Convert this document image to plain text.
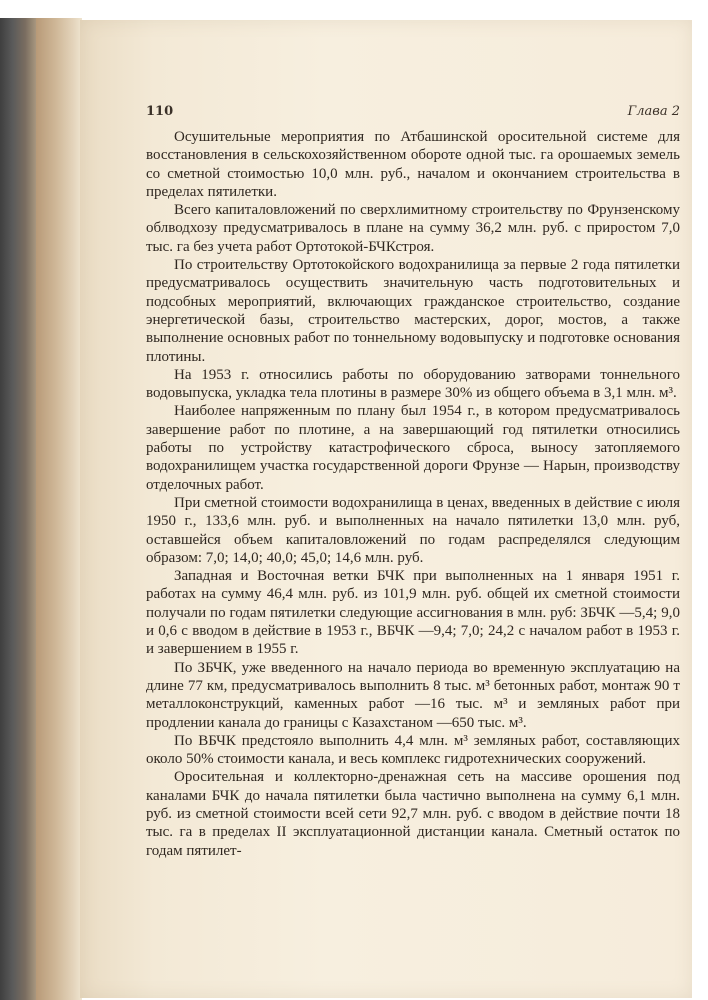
110	Глава 2

Осушительные мероприятия по Атбашинской оросительной системе для восстановления в сельскохозяйственном обороте одной тыс. га орошаемых земель со сметной стоимостью 10,0 млн. руб., началом и окончанием строительства в пределах пятилетки.

Всего капиталовложений по сверхлимитному строительству по Фрунзенскому облводхозу предусматривалось в плане на сумму 36,2 млн. руб. с приростом 7,0 тыс. га без учета работ Ортотокой-БЧКстроя.

По строительству Ортотокойского водохранилища за первые 2 года пятилетки предусматривалось осуществить значительную часть подготовительных и подсобных мероприятий, включающих гражданское строительство, создание энергетической базы, строительство мастерских, дорог, мостов, а также выполнение основных работ по тоннельному водовыпуску и подготовке основания плотины.

На 1953 г. относились работы по оборудованию затворами тоннельного водовыпуска, укладка тела плотины в размере 30% из общего объема в 3,1 млн. м³.

Наиболее напряженным по плану был 1954 г., в котором предусматривалось завершение работ по плотине, а на завершающий год пятилетки относились работы по устройству катастрофического сброса, выносу затопляемого водохранилищем участка государственной дороги Фрунзе — Нарын, производству отделочных работ.

При сметной стоимости водохранилища в ценах, введенных в действие с июля 1950 г., 133,6 млн. руб. и выполненных на начало пятилетки 13,0 млн. руб, оставшейся объем капиталовложений по годам распределялся следующим образом: 7,0; 14,0; 40,0; 45,0; 14,6 млн. руб.

Западная и Восточная ветки БЧК при выполненных на 1 января 1951 г. работах на сумму 46,4 млн. руб. из 101,9 млн. руб. общей их сметной стоимости получали по годам пятилетки следующие ассигнования в млн. руб: ЗБЧК —5,4; 9,0 и 0,6 с вводом в действие в 1953 г., ВБЧК —9,4; 7,0; 24,2 с началом работ в 1953 г. и завершением в 1955 г.

По ЗБЧК, уже введенного на начало периода во временную эксплуатацию на длине 77 км, предусматривалось выполнить 8 тыс. м³ бетонных работ, монтаж 90 т металлоконструкций, каменных работ —16 тыс. м³ и земляных работ при продлении канала до границы с Казахстаном —650 тыс. м³.

По ВБЧК предстояло выполнить 4,4 млн. м³ земляных работ, составляющих около 50% стоимости канала, и весь комплекс гидротехнических сооружений.

Оросительная и коллекторно-дренажная сеть на массиве орошения под каналами БЧК до начала пятилетки была частично выполнена на сумму 6,1 млн. руб. из сметной стоимости всей сети 92,7 млн. руб. с вводом в действие почти 18 тыс. га в пределах II эксплуатационной дистанции канала. Сметный остаток по годам пятилет-
